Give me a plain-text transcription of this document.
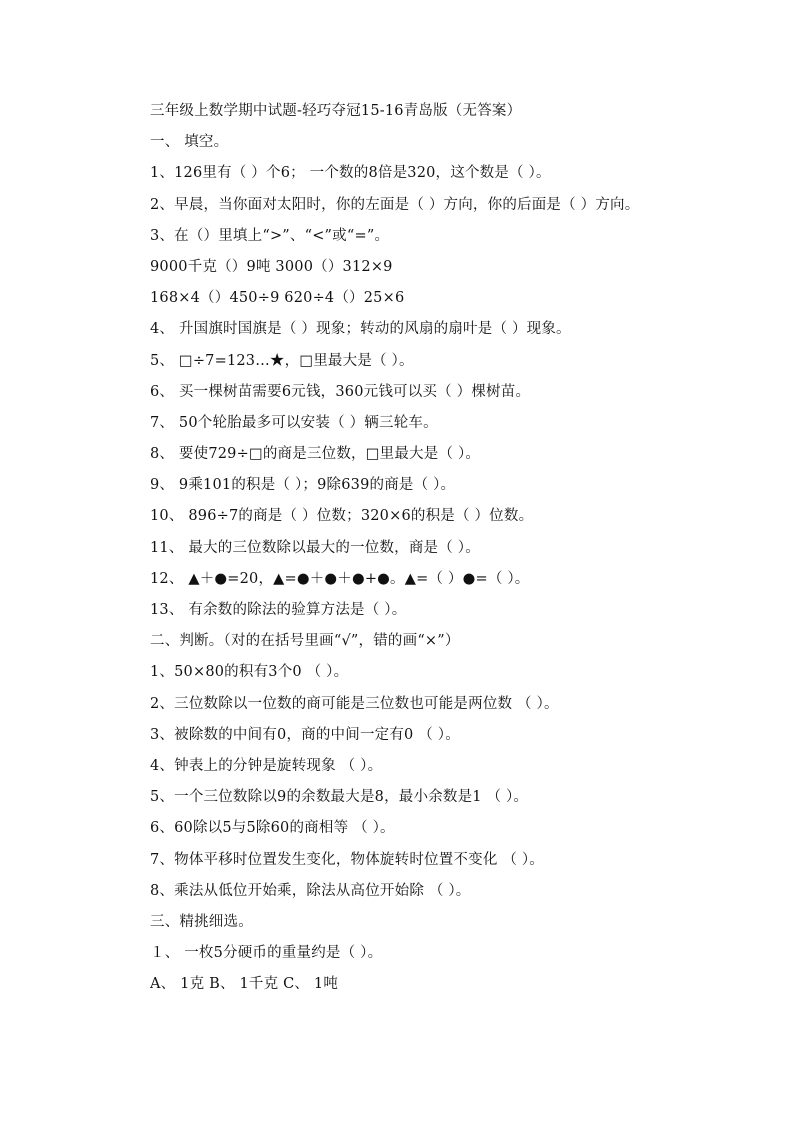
三年级上数学期中试题-轻巧夺冠15-16青岛版（无答案）
一、 填空。
1、126里有（ ）个6； 一个数的8倍是320，这个数是（ ）。
2、早晨，当你面对太阳时，你的左面是（ ）方向，你的后面是（ ）方向。
3、在（）里填上“>”、“<”或“=”。
9000千克（）9吨 3000（）312×9
168×4（）450÷9 620÷4（）25×6
4、 升国旗时国旗是（ ）现象；转动的风扇的扇叶是（ ）现象。
5、 □÷7=123…★，□里最大是（ ）。
6、 买一棵树苗需要6元钱，360元钱可以买（ ）棵树苗。
7、 50个轮胎最多可以安装（ ）辆三轮车。
8、 要使729÷□的商是三位数，□里最大是（ ）。
9、 9乘101的积是（ ）；9除639的商是（ ）。
10、 896÷7的商是（ ）位数；320×6的积是（ ）位数。
11、 最大的三位数除以最大的一位数，商是（ ）。
12、 ▲＋●=20，▲=●＋●＋●+●。▲=（ ）●=（ ）。
13、 有余数的除法的验算方法是（ ）。
二、判断。（对的在括号里画“√”，错的画“×”）
1、50×80的积有3个0 （ ）。
2、三位数除以一位数的商可能是三位数也可能是两位数 （ ）。
3、被除数的中间有0，商的中间一定有0 （ ）。
4、钟表上的分钟是旋转现象 （ ）。
5、一个三位数除以9的余数最大是8，最小余数是1 （ ）。
6、60除以5与5除60的商相等 （ ）。
7、物体平移时位置发生变化，物体旋转时位置不变化 （ ）。
8、乘法从低位开始乘，除法从高位开始除 （ ）。
三、精挑细选。
１、 一枚5分硬币的重量约是（ ）。
A、 1克 B、 1千克 C、 1吨
